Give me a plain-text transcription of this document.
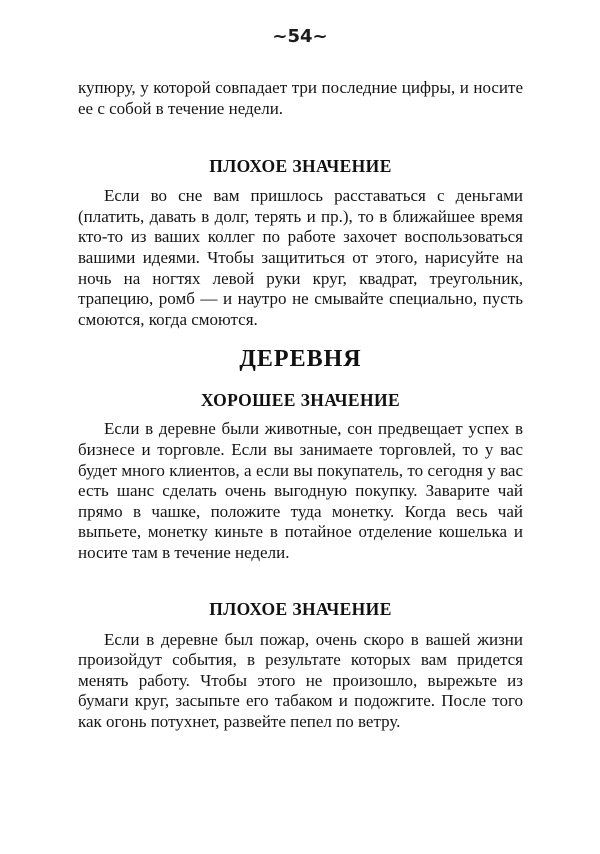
~54~

купюру, у которой совпадает три последние цифры, и носите ее с собой в течение недели.

ПЛОХОЕ ЗНАЧЕНИЕ

Если во сне вам пришлось расставаться с деньгами (платить, давать в долг, терять и пр.), то в ближайшее время кто-то из ваших коллег по работе захочет воспользоваться вашими идеями. Чтобы защититься от этого, нарисуйте на ночь на ногтях левой руки круг, квадрат, треугольник, трапецию, ромб — и наутро не смывайте специально, пусть смоются, когда смоются.

ДЕРЕВНЯ
ХОРОШЕЕ ЗНАЧЕНИЕ

Если в деревне были животные, сон предвещает успех в бизнесе и торговле. Если вы занимаете торговлей, то у вас будет много клиентов, а если вы покупатель, то сегодня у вас есть шанс сделать очень выгодную покупку. Заварите чай прямо в чашке, положите туда монетку. Когда весь чай выпьете, монетку киньте в потайное отделение кошелька и носите там в течение недели.

ПЛОХОЕ ЗНАЧЕНИЕ

Если в деревне был пожар, очень скоро в вашей жизни произойдут события, в результате которых вам придется менять работу. Чтобы этого не произошло, вырежьте из бумаги круг, засыпьте его табаком и подожгите. После того как огонь потухнет, развейте пепел по ветру.
